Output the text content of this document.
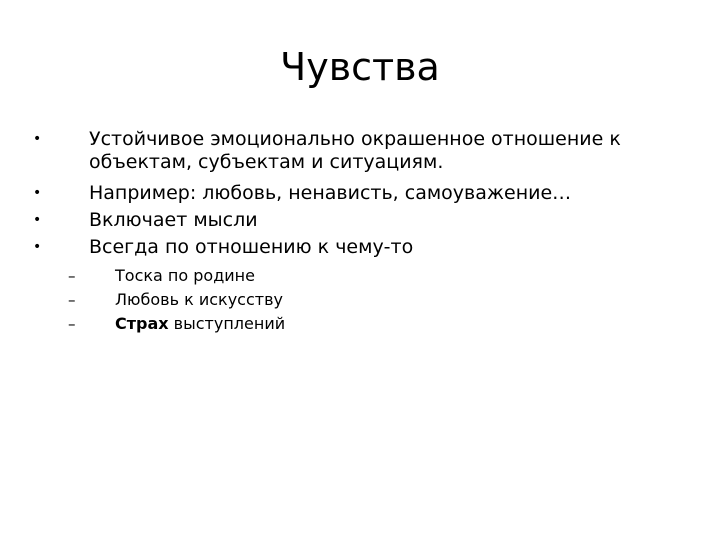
Чувства
•	Устойчивое эмоционально окрашенное отношение к
объектам, субъектам и ситуациям.
•	Например: любовь, ненависть, самоуважение…
•	Включает мысли
•	Всегда по отношению к чему-то
– Тоска по родине
– Любовь к искусству
– Страх выступлений
